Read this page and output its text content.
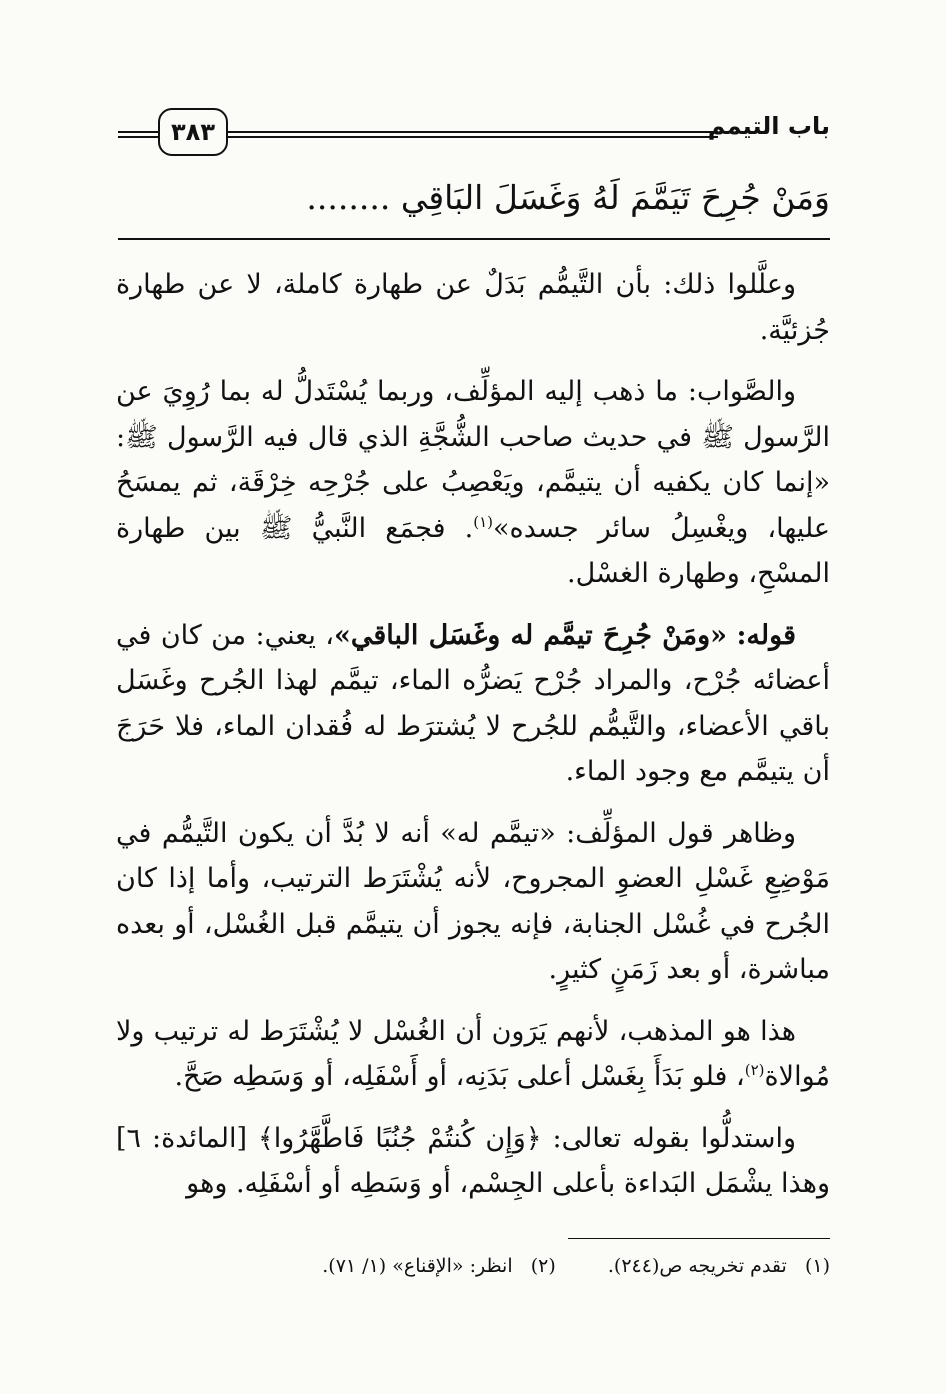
٣٨٣	باب التيمم
وَمَنْ جُرِحَ تَيَمَّمَ لَهُ وَغَسَلَ البَاقِي ........

وعلَّلوا ذلك: بأن التَّيمُّم بَدَلٌ عن طهارة كاملة، لا عن طهارة جُزئيَّة.

والصَّواب: ما ذهب إليه المؤلِّف، وربما يُسْتَدلُّ له بما رُوِيَ عن الرَّسول ﷺ في حديث صاحب الشُّجَّةِ الذي قال فيه الرَّسول ﷺ: «إنما كان يكفيه أن يتيمَّم، ويَعْصِبُ على جُرْحِه خِرْقَة، ثم يمسَحُ عليها، ويغْسِلُ سائر جسده»$^{(١)}$. فجمَع النَّبيُّ ﷺ بين طهارة المسْحِ، وطهارة الغسْل.

قوله: «ومَنْ جُرِحَ تيمَّم له وغَسَل الباقي»، يعني: من كان في أعضائه جُرْح، والمراد جُرْح يَضرُّه الماء، تيمَّم لهذا الجُرح وغَسَل باقي الأعضاء، والتَّيمُّم للجُرح لا يُشترَط له فُقدان الماء، فلا حَرَجَ أن يتيمَّم مع وجود الماء.

وظاهر قول المؤلِّف: «تيمَّم له» أنه لا بُدَّ أن يكون التَّيمُّم في مَوْضِعِ غَسْلِ العضوِ المجروح، لأنه يُشْتَرَط الترتيب، وأما إذا كان الجُرح في غُسْل الجنابة، فإنه يجوز أن يتيمَّم قبل الغُسْل، أو بعده مباشرة، أو بعد زَمَنٍ كثيرٍ.

هذا هو المذهب، لأنهم يَرَون أن الغُسْل لا يُشْتَرَط له ترتيب ولا مُوالاة$^{(٢)}$، فلو بَدَأَ بِغَسْل أعلى بَدَنِه، أو أَسْفَلِه، أو وَسَطِه صَحَّ.

واستدلُّوا بقوله تعالى: ﴿وَإِن كُنتُمْ جُنُبًا فَاطَّهَّرُوا﴾ [المائدة: ٦] وهذا يشْمَل البَداءة بأعلى الجِسْم، أو وَسَطِه أو أسْفَلِه. وهو

(١)   تقدم تخريجه ص(٢٤٤). (٢)   انظر: «الإقناع» (١/ ٧١).
